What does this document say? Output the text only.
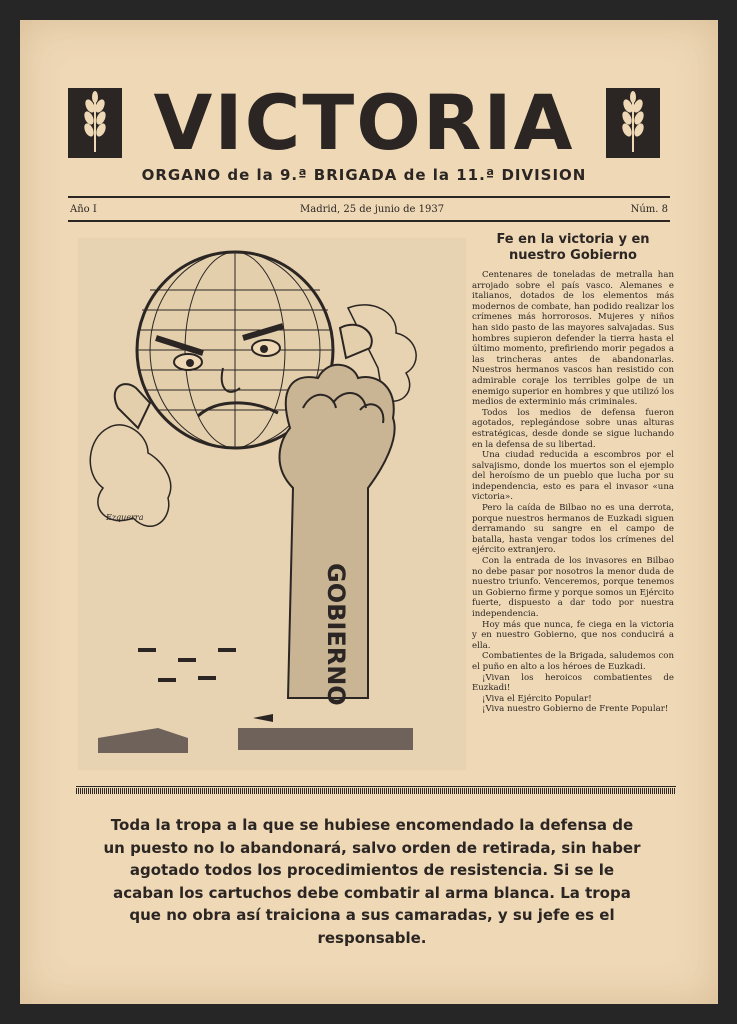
VICTORIA
ORGANO de la 9.ª BRIGADA de la 11.ª DIVISION
Año I	Madrid, 25 de junio de 1937	Núm. 8
GOBIERNO
Ezquerra
Fe en la victoria y en nuestro Gobierno

Centenares de toneladas de metralla han arrojado sobre el país vasco. Alemanes e italianos, dotados de los elementos más modernos de combate, han podido realizar los crímenes más horrorosos. Mujeres y niños han sido pasto de las mayores salvajadas. Sus hombres supieron defender la tierra hasta el último momento, prefiriendo morir pegados a las trincheras antes de abandonarlas. Nuestros hermanos vascos han resistido con admirable coraje los terribles golpe de un enemigo superior en hombres y que utilizó los medios de exterminio más criminales.

Todos los medios de defensa fueron agotados, replegándose sobre unas alturas estratégicas, desde donde se sigue luchando en la defensa de su libertad.

Una ciudad reducida a escombros por el salvajismo, donde los muertos son el ejemplo del heroísmo de un pueblo que lucha por su independencia, esto es para el invasor «una victoria».

Pero la caída de Bilbao no es una derrota, porque nuestros hermanos de Euzkadi siguen derramando su sangre en el campo de batalla, hasta vengar todos los crímenes del ejército extranjero.

Con la entrada de los invasores en Bilbao no debe pasar por nosotros la menor duda de nuestro triunfo. Venceremos, porque tenemos un Gobierno firme y porque somos un Ejército fuerte, dispuesto a dar todo por nuestra independencia.

Hoy más que nunca, fe ciega en la victoria y en nuestro Gobierno, que nos conducirá a ella.

Combatientes de la Brigada, saludemos con el puño en alto a los héroes de Euzkadi.

¡Vivan los heroicos combatientes de Euzkadi!

¡Viva el Ejército Popular!

¡Viva nuestro Gobierno de Frente Popular!

Toda la tropa a la que se hubiese encomendado la defensa de un puesto no lo abandonará, salvo orden de retirada, sin haber agotado todos los procedimientos de resistencia. Si se le acaban los cartuchos debe combatir al arma blanca. La tropa que no obra así traiciona a sus camaradas, y su jefe es el responsable.
